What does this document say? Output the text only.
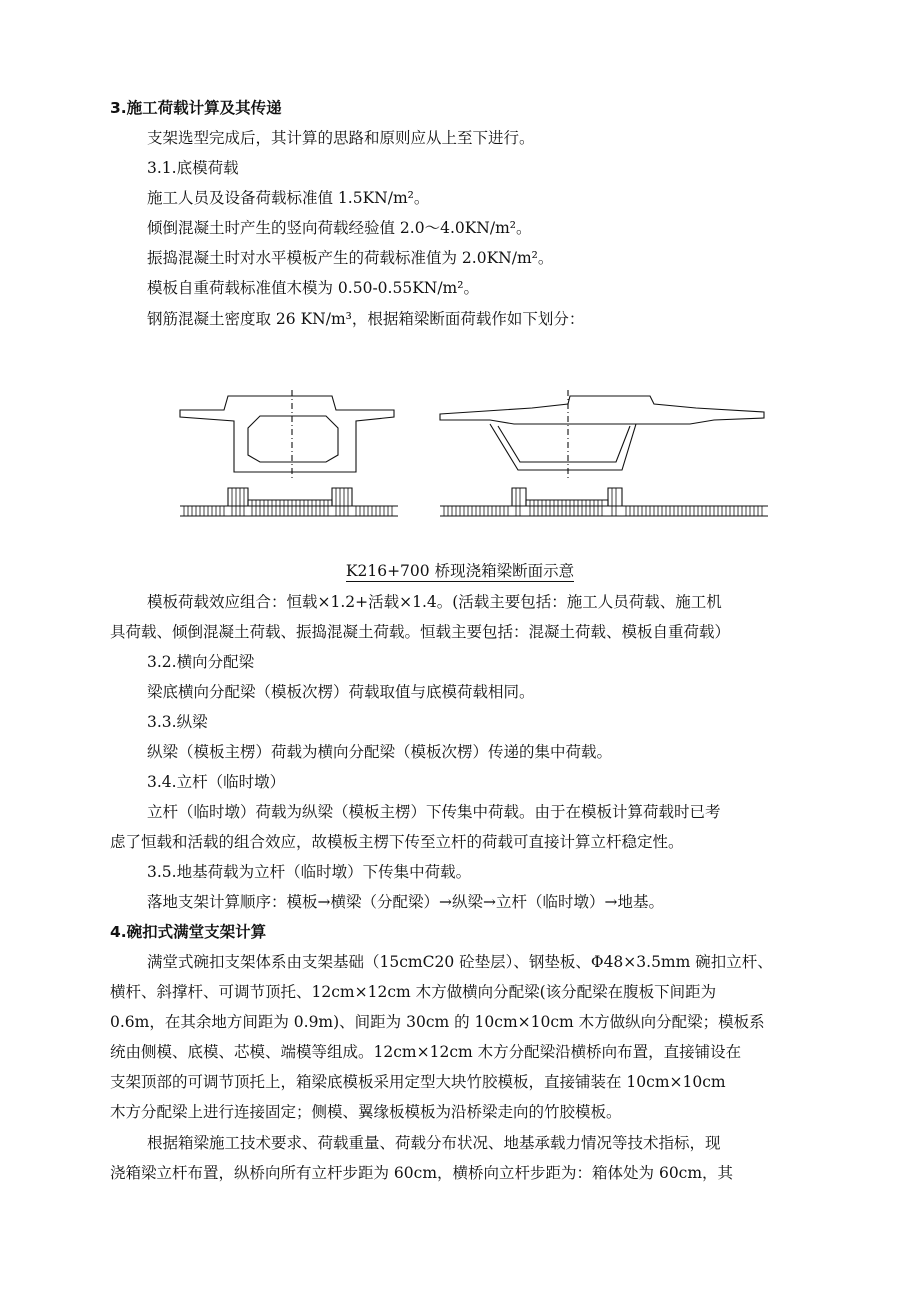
3.施工荷载计算及其传递
支架选型完成后，其计算的思路和原则应从上至下进行。
3.1.底模荷载
施工人员及设备荷载标准值 1.5KN/m²。
倾倒混凝土时产生的竖向荷载经验值 2.0～4.0KN/m²。
振捣混凝土时对水平模板产生的荷载标准值为 2.0KN/m²。
模板自重荷载标准值木模为 0.50-0.55KN/m²。
钢筋混凝土密度取 26 KN/m³，根据箱梁断面荷载作如下划分：
K216+700 桥现浇箱梁断面示意
模板荷载效应组合：恒载×1.2+活载×1.4。(活载主要包括：施工人员荷载、施工机
具荷载、倾倒混凝土荷载、振捣混凝土荷载。恒载主要包括：混凝土荷载、模板自重荷载）
3.2.横向分配梁
梁底横向分配梁（模板次楞）荷载取值与底模荷载相同。
3.3.纵梁
纵梁（模板主楞）荷载为横向分配梁（模板次楞）传递的集中荷载。
3.4.立杆（临时墩）
立杆（临时墩）荷载为纵梁（模板主楞）下传集中荷载。由于在模板计算荷载时已考
虑了恒载和活载的组合效应，故模板主楞下传至立杆的荷载可直接计算立杆稳定性。
3.5.地基荷载为立杆（临时墩）下传集中荷载。
落地支架计算顺序：模板→横梁（分配梁）→纵梁→立杆（临时墩）→地基。
4.碗扣式满堂支架计算
满堂式碗扣支架体系由支架基础（15cmC20 砼垫层）、钢垫板、Φ48×3.5mm 碗扣立杆、
横杆、斜撑杆、可调节顶托、12cm×12cm 木方做横向分配梁(该分配梁在腹板下间距为
0.6m，在其余地方间距为 0.9m)、间距为 30cm 的 10cm×10cm 木方做纵向分配梁；模板系
统由侧模、底模、芯模、端模等组成。12cm×12cm 木方分配梁沿横桥向布置，直接铺设在
支架顶部的可调节顶托上，箱梁底模板采用定型大块竹胶模板，直接铺装在 10cm×10cm
木方分配梁上进行连接固定；侧模、翼缘板模板为沿桥梁走向的竹胶模板。
根据箱梁施工技术要求、荷载重量、荷载分布状况、地基承载力情况等技术指标，现
浇箱梁立杆布置，纵桥向所有立杆步距为 60cm，横桥向立杆步距为：箱体处为 60cm，其
